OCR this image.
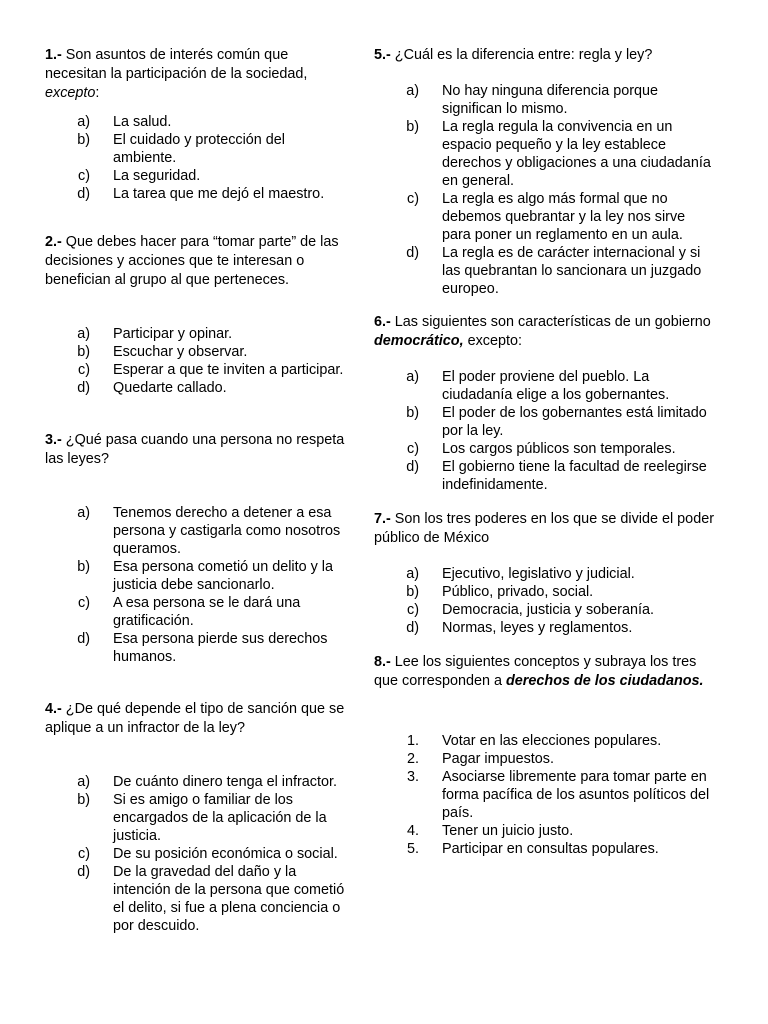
1.- Son asuntos de interés común que necesitan la participación de la sociedad, excepto:

a) La salud.
b) El cuidado y protección del ambiente.
c) La seguridad.
d) La tarea que me dejó el maestro.

2.- Que debes hacer para “tomar parte” de las decisiones y acciones que te interesan o benefician al grupo al que perteneces.

a) Participar y opinar.
b) Escuchar y observar.
c) Esperar a que te inviten a participar.
d) Quedarte callado.

3.- ¿Qué pasa cuando una persona no respeta las leyes?

a) Tenemos derecho a detener a esa persona y castigarla como nosotros queramos.
b) Esa persona cometió un delito y la justicia debe sancionarlo.
c) A esa persona se le dará una gratificación.
d) Esa persona pierde sus derechos humanos.

4.- ¿De qué depende el tipo de sanción que se aplique a un infractor de la ley?

a) De cuánto dinero tenga el infractor.
b) Si es amigo o familiar de los encargados de la aplicación de la justicia.
c) De su posición económica o social.
d) De la gravedad del daño y la intención de la persona que cometió el delito, si fue a plena conciencia o por descuido.

5.- ¿Cuál es la diferencia entre: regla y ley?

a) No hay ninguna diferencia porque significan lo mismo.
b) La regla regula la convivencia en un espacio pequeño y la ley establece derechos y obligaciones a una ciudadanía en general.
c) La regla es algo más formal que no debemos quebrantar y la ley nos sirve para poner un reglamento en un aula.
d) La regla es de carácter internacional y si las quebrantan lo sancionara un juzgado europeo.

6.- Las siguientes son características de un gobierno democrático, excepto:

a) El poder proviene del pueblo. La ciudadanía elige a los gobernantes.
b) El poder de los gobernantes está limitado por la ley.
c) Los cargos públicos son temporales.
d) El gobierno tiene la facultad de reelegirse indefinidamente.

7.- Son los tres poderes en los que se divide el poder público de México

a) Ejecutivo, legislativo y judicial.
b) Público, privado, social.
c) Democracia, justicia y soberanía.
d) Normas, leyes y reglamentos.

8.- Lee los siguientes conceptos y subraya los tres que corresponden a derechos de los ciudadanos.

1. Votar en las elecciones populares.
2. Pagar impuestos.
3. Asociarse libremente para tomar parte en forma pacífica de los asuntos políticos del país.
4. Tener un juicio justo.
5. Participar en consultas populares.
